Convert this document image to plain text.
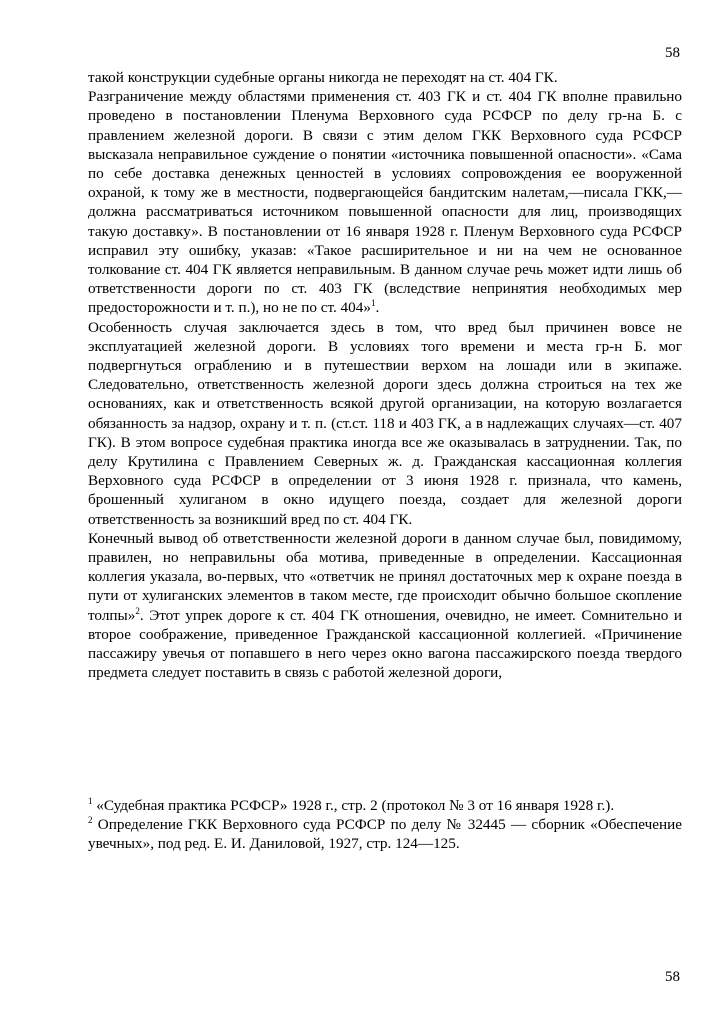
58

такой конструкции судебные органы никогда не переходят на ст. 404 ГК.

Разграничение между областями применения ст. 403 ГК и ст. 404 ГК вполне правильно проведено в постановлении Пленума Верховного суда РСФСР по делу гр-на Б. с правлением железной дороги. В связи с этим делом ГКК Верховного суда РСФСР высказала неправильное суждение о понятии «источника повышенной опасности». «Сама по себе доставка денежных ценностей в условиях сопровождения ее вооруженной охраной, к тому же в местности, подвергающейся бандитским налетам,—писала ГКК,—должна рассматриваться источником повышенной опасности для лиц, производящих такую доставку». В постановлении от 16 января 1928 г. Пленум Верховного суда РСФСР исправил эту ошибку, указав: «Такое расширительное и ни на чем не основанное толкование ст. 404 ГК является неправильным. В данном случае речь может идти лишь об ответственности дороги по ст. 403 ГК (вследствие непринятия необходимых мер предосторожности и т. п.), но не по ст. 404»$^1$.

Особенность случая заключается здесь в том, что вред был причинен вовсе не эксплуатацией железной дороги. В условиях того времени и места гр-н Б. мог подвергнуться ограблению и в путешествии верхом на лошади или в экипаже. Следовательно, ответственность железной дороги здесь должна строиться на тех же основаниях, как и ответственность всякой другой организации, на которую возлагается обязанность за надзор, охрану и т. п. (ст.ст. 118 и 403 ГК, а в надлежащих случаях—ст. 407 ГК). В этом вопросе судебная практика иногда все же оказывалась в затруднении. Так, по делу Крутилина с Правлением Северных ж. д. Гражданская кассационная коллегия Верховного суда РСФСР в определении от 3 июня 1928 г. признала, что камень, брошенный хулиганом в окно идущего поезда, создает для железной дороги ответственность за возникший вред по ст. 404 ГК.

Конечный вывод об ответственности железной дороги в данном случае был, повидимому, правилен, но неправильны оба мотива, приведенные в определении. Кассационная коллегия указала, во-первых, что «ответчик не принял достаточных мер к охране поезда в пути от хулиганских элементов в таком месте, где происходит обычно большое скопление толпы»$^2$. Этот упрек дороге к ст. 404 ГК отношения, очевидно, не имеет. Сомнительно и второе соображение, приведенное Гражданской кассационной коллегией. «Причинение пассажиру увечья от попавшего в него через окно вагона пассажирского поезда твердого предмета следует поставить в связь с работой железной дороги,

$^1$ «Судебная практика РСФСР» 1928 г., стр. 2 (протокол № 3 от 16 января 1928 г.).

$^2$ Определение ГКК Верховного суда РСФСР по делу № 32445 — сборник «Обеспечение увечных», под ред. Е. И. Даниловой, 1927, стр. 124—125.

58
